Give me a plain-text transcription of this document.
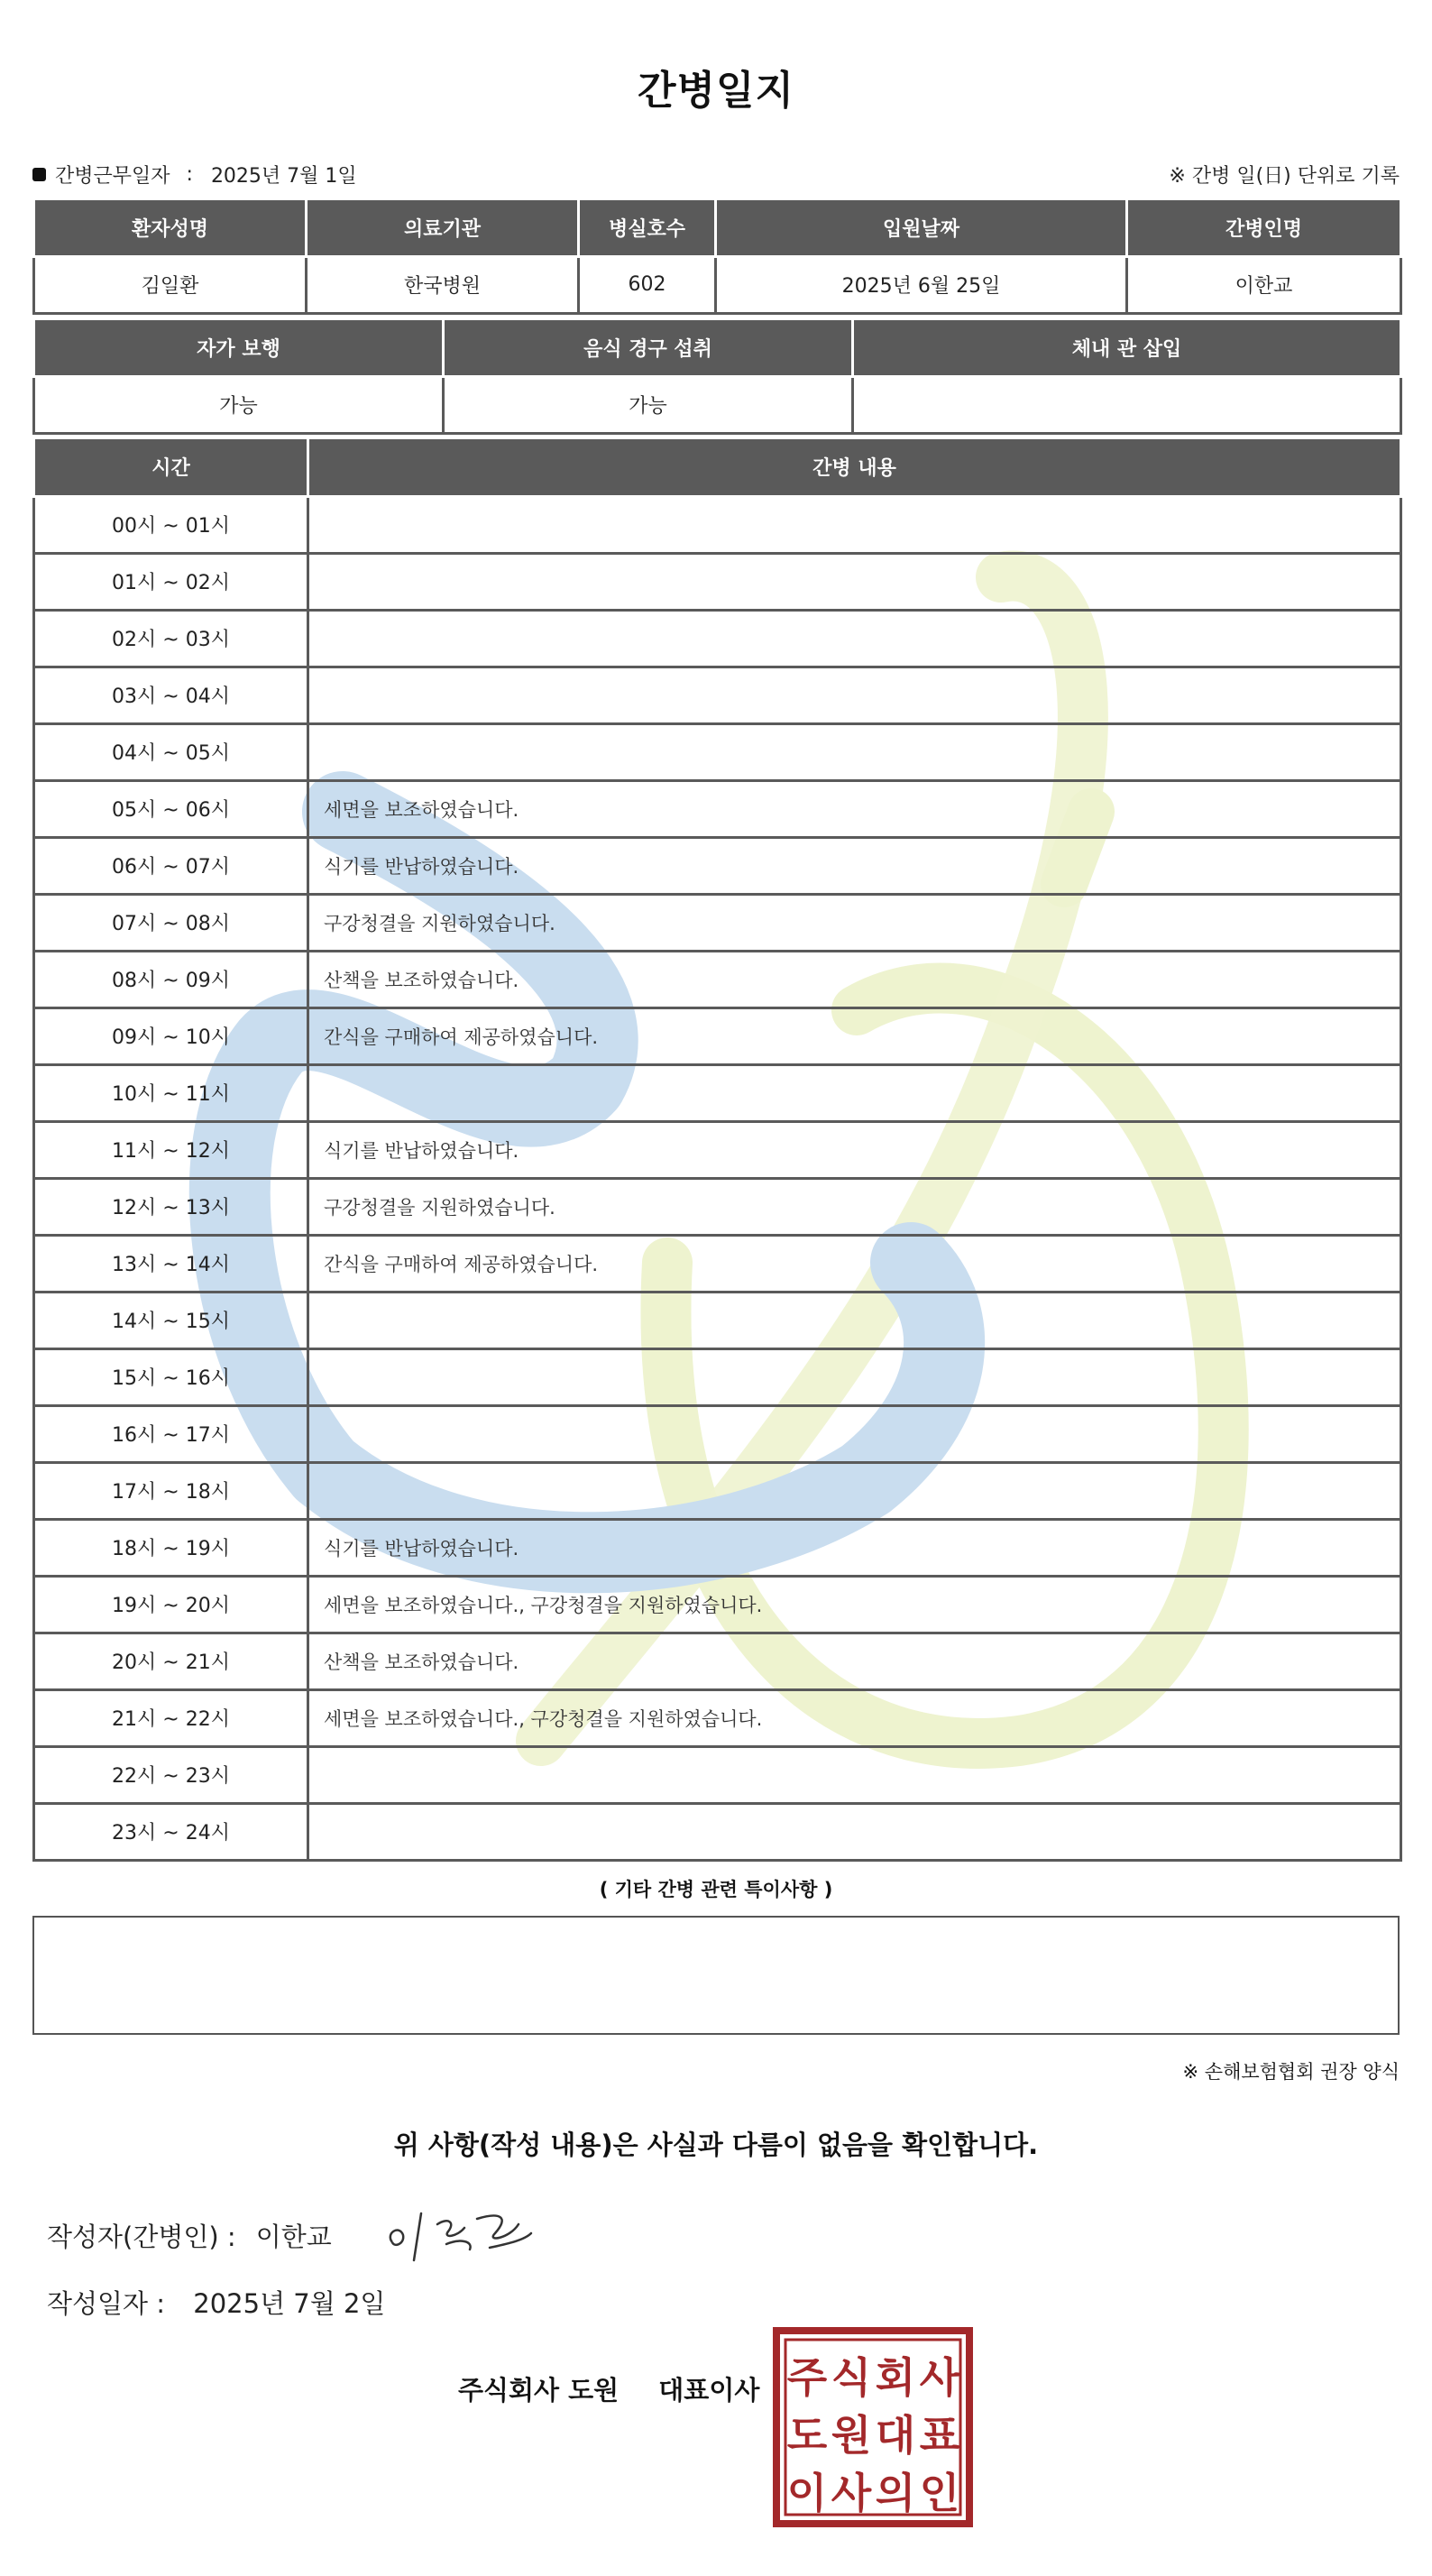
간병일지
간병근무일자 : 2025년 7월 1일	※ 간병 일(日) 단위로 기록
환자성명	의료기관	병실호수	입원날짜	간병인명
김일환	한국병원	602	2025년 6월 25일	이한교
자가 보행	음식 경구 섭취	체내 관 삽입
가능	가능	
시간	간병 내용
00시 ~ 01시	
01시 ~ 02시	
02시 ~ 03시	
03시 ~ 04시	
04시 ~ 05시	
05시 ~ 06시	세면을 보조하였습니다.
06시 ~ 07시	식기를 반납하였습니다.
07시 ~ 08시	구강청결을 지원하였습니다.
08시 ~ 09시	산책을 보조하였습니다.
09시 ~ 10시	간식을 구매하여 제공하였습니다.
10시 ~ 11시	
11시 ~ 12시	식기를 반납하였습니다.
12시 ~ 13시	구강청결을 지원하였습니다.
13시 ~ 14시	간식을 구매하여 제공하였습니다.
14시 ~ 15시	
15시 ~ 16시	
16시 ~ 17시	
17시 ~ 18시	
18시 ~ 19시	식기를 반납하였습니다.
19시 ~ 20시	세면을 보조하였습니다., 구강청결을 지원하였습니다.
20시 ~ 21시	산책을 보조하였습니다.
21시 ~ 22시	세면을 보조하였습니다., 구강청결을 지원하였습니다.
22시 ~ 23시	
23시 ~ 24시	
( 기타 간병 관련 특이사항 )
※ 손해보험협회 권장 양식
위 사항(작성 내용)은 사실과 다름이 없음을 확인합니다.
작성자(간병인) : 이한교
작성일자 : 2025년 7월 2일
주식회사 도원 대표이사 주 식 회 사
도 원 대 표
이 사 의 인
